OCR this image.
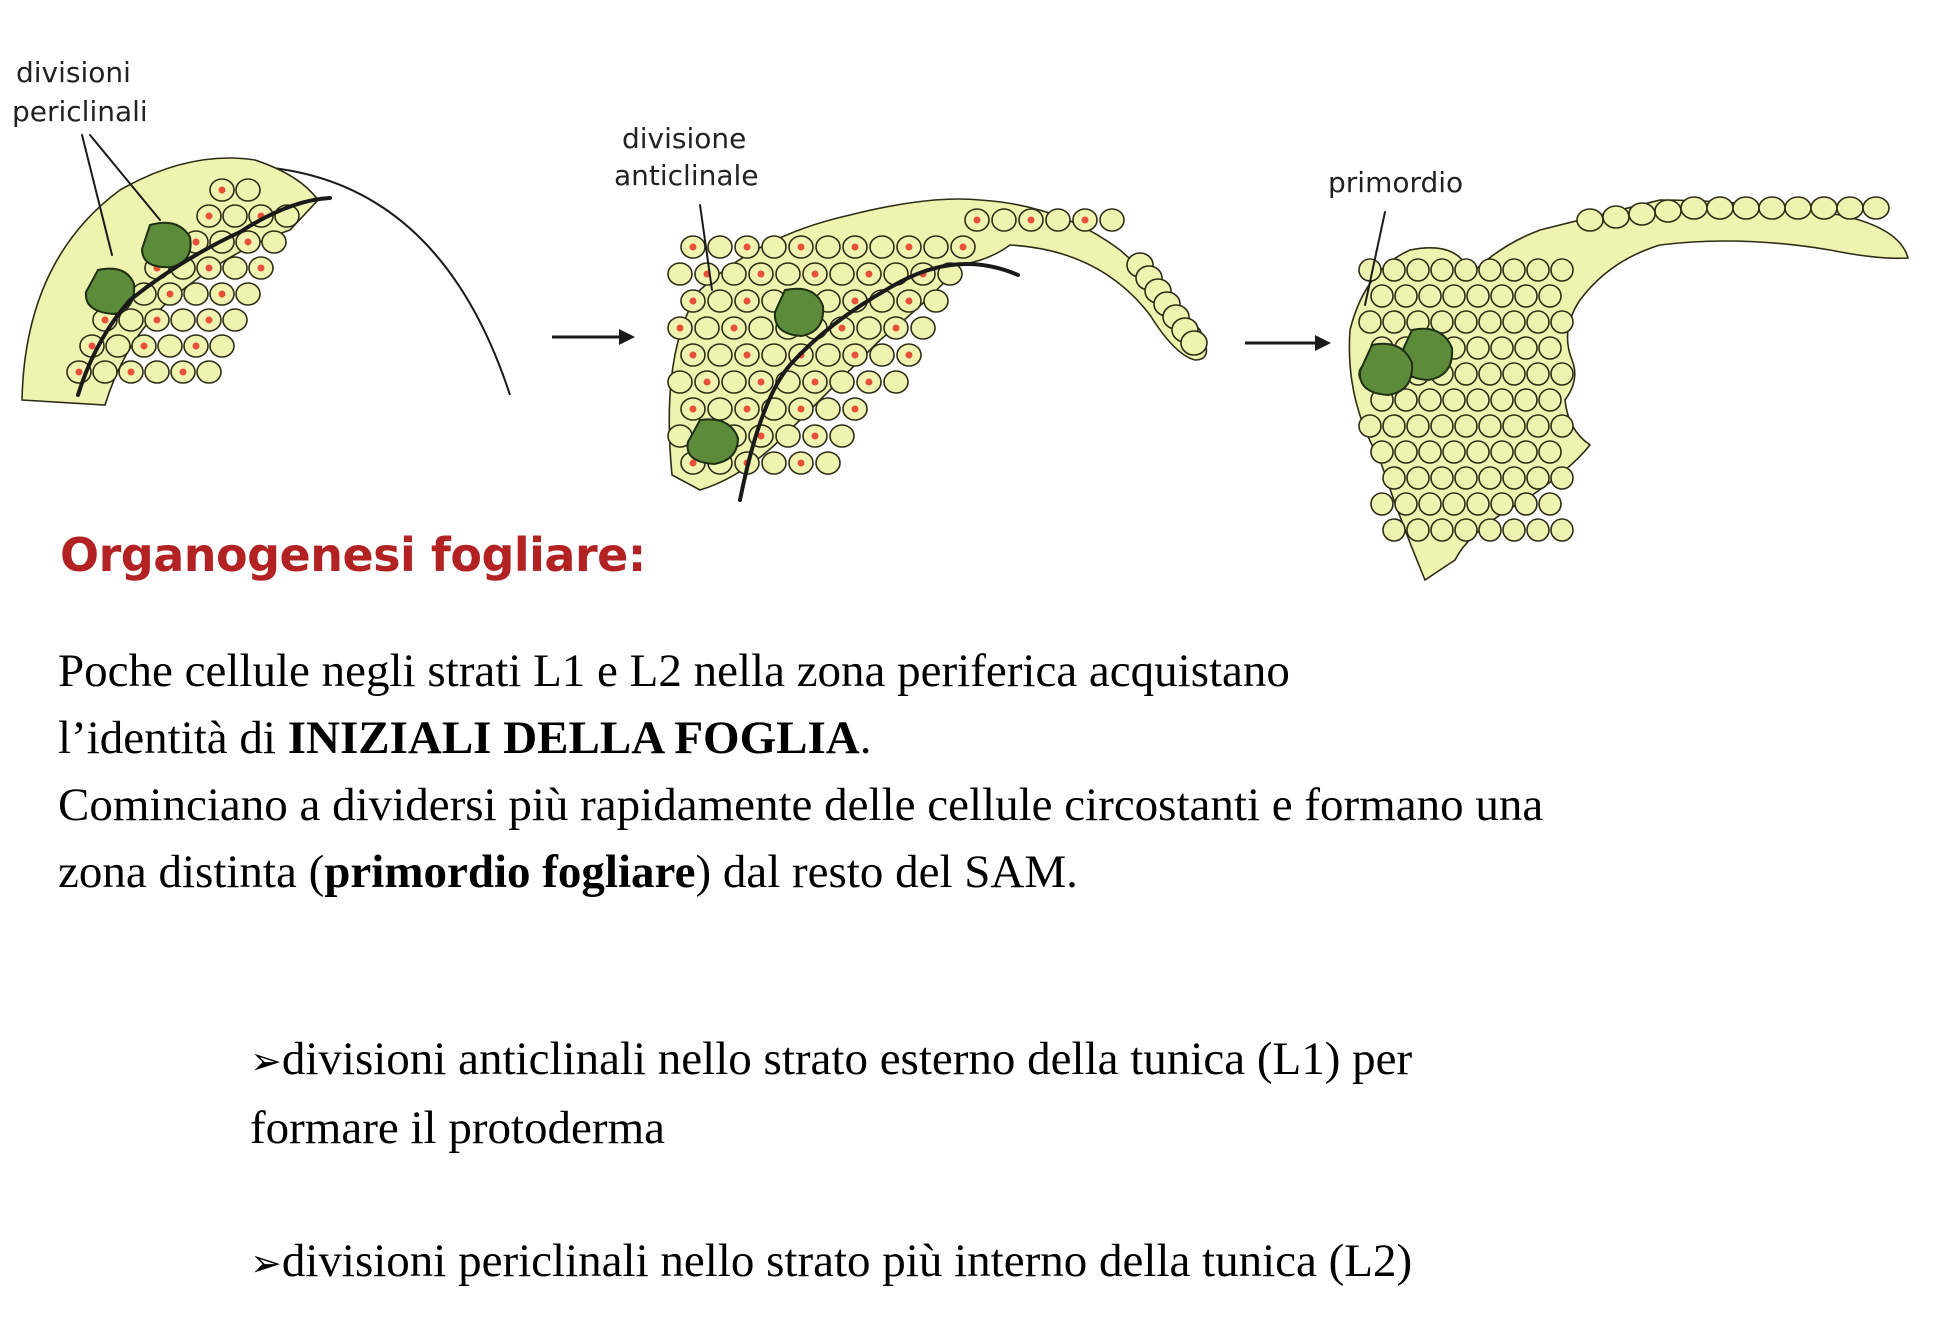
divisioni
periclinali
divisione
anticlinale	primordio
Organogenesi fogliare:

Poche cellule negli strati L1 e L2 nella zona periferica acquistano
l’identità di INIZIALI DELLA FOGLIA.
Cominciano a dividersi più rapidamente delle cellule circostanti e formano una
zona distinta (primordio fogliare) dal resto del SAM.

➢divisioni anticlinali nello strato esterno della tunica (L1) per
formare il protoderma

➢divisioni periclinali nello strato più interno della tunica (L2)
